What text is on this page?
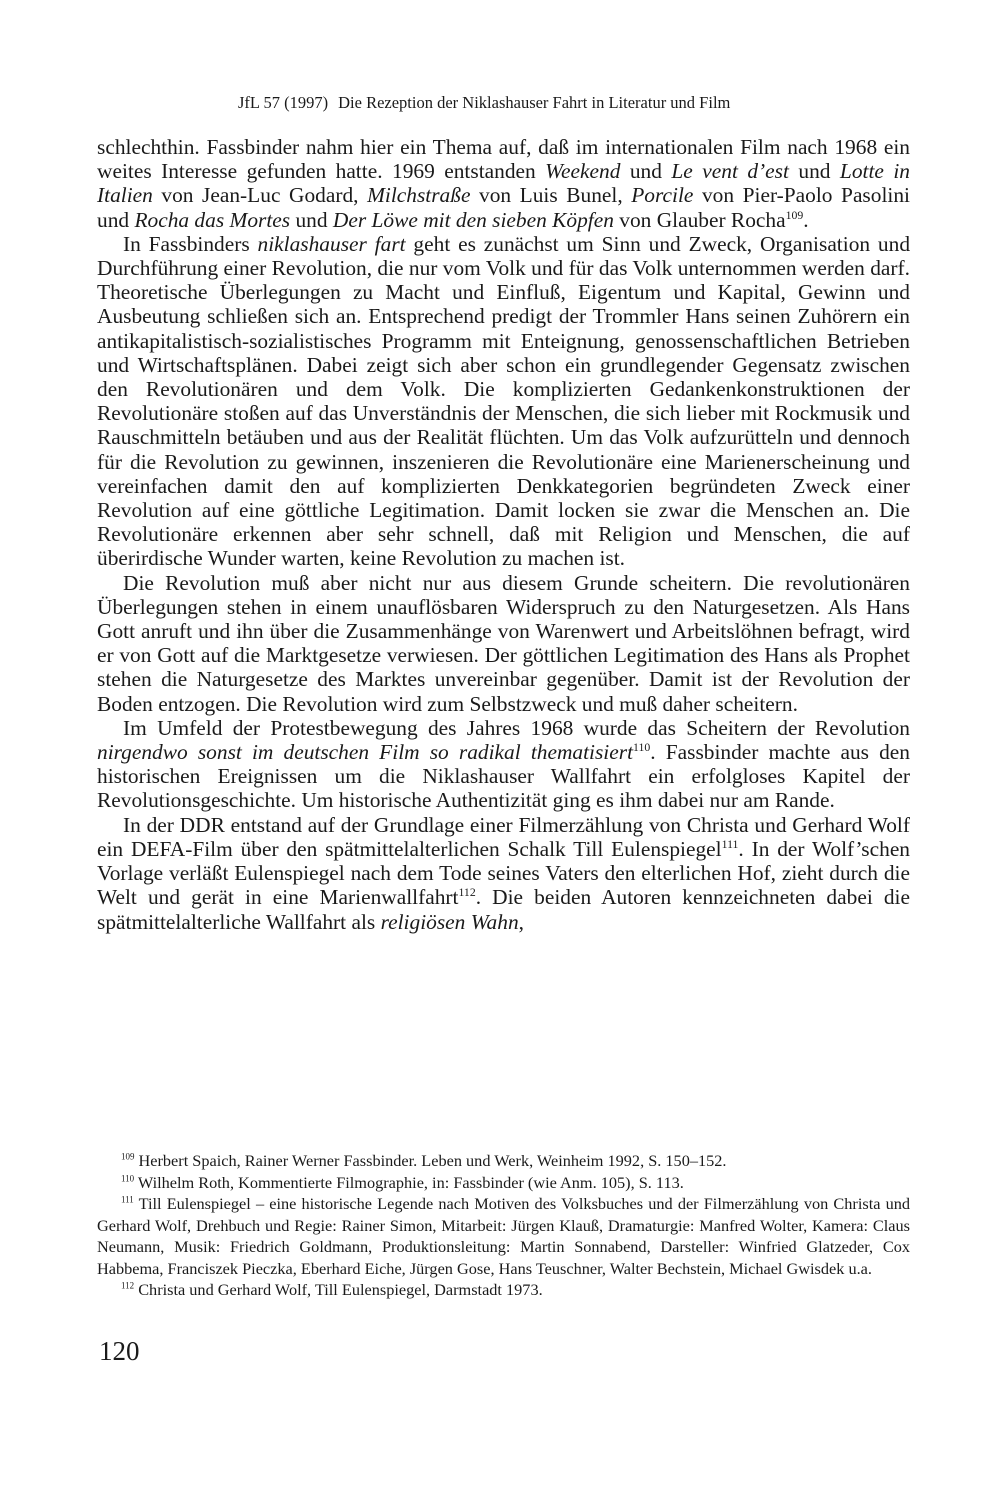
JfL 57 (1997) Die Rezeption der Niklashauser Fahrt in Literatur und Film

schlechthin. Fassbinder nahm hier ein Thema auf, daß im internationalen Film nach 1968 ein weites Interesse gefunden hatte. 1969 entstanden Weekend und Le vent d’est und Lotte in Italien von Jean-Luc Godard, Milchstraße von Luis Bunel, Porcile von Pier-Paolo Pasolini und Rocha das Mortes und Der Löwe mit den sieben Köpfen von Glauber Rocha$^{109}$.

In Fassbinders niklashauser fart geht es zunächst um Sinn und Zweck, Organisation und Durchführung einer Revolution, die nur vom Volk und für das Volk unternommen werden darf. Theoretische Überlegungen zu Macht und Einfluß, Eigentum und Kapital, Gewinn und Ausbeutung schließen sich an. Entsprechend predigt der Trommler Hans seinen Zuhörern ein antikapitalistisch-sozialistisches Programm mit Enteignung, genossenschaftlichen Betrieben und Wirtschaftsplänen. Dabei zeigt sich aber schon ein grundlegender Gegensatz zwischen den Revolutionären und dem Volk. Die komplizierten Gedankenkonstruktionen der Revolutionäre stoßen auf das Unverständnis der Menschen, die sich lieber mit Rockmusik und Rauschmitteln betäuben und aus der Realität flüchten. Um das Volk aufzurütteln und dennoch für die Revolution zu gewinnen, inszenieren die Revolutionäre eine Marienerscheinung und vereinfachen damit den auf komplizierten Denkkategorien begründeten Zweck einer Revolution auf eine göttliche Legitimation. Damit locken sie zwar die Menschen an. Die Revolutionäre erkennen aber sehr schnell, daß mit Religion und Menschen, die auf überirdische Wunder warten, keine Revolution zu machen ist.

Die Revolution muß aber nicht nur aus diesem Grunde scheitern. Die revolutionären Überlegungen stehen in einem unauflösbaren Widerspruch zu den Naturgesetzen. Als Hans Gott anruft und ihn über die Zusammenhänge von Warenwert und Arbeitslöhnen befragt, wird er von Gott auf die Marktgesetze verwiesen. Der göttlichen Legitimation des Hans als Prophet stehen die Naturgesetze des Marktes unvereinbar gegenüber. Damit ist der Revolution der Boden entzogen. Die Revolution wird zum Selbstzweck und muß daher scheitern.

Im Umfeld der Protestbewegung des Jahres 1968 wurde das Scheitern der Revolution nirgendwo sonst im deutschen Film so radikal thematisiert$^{110}$. Fassbinder machte aus den historischen Ereignissen um die Niklashauser Wallfahrt ein erfolgloses Kapitel der Revolutionsgeschichte. Um historische Authentizität ging es ihm dabei nur am Rande.

In der DDR entstand auf der Grundlage einer Filmerzählung von Christa und Gerhard Wolf ein DEFA-Film über den spätmittelalterlichen Schalk Till Eulenspiegel$^{111}$. In der Wolf’schen Vorlage verläßt Eulenspiegel nach dem Tode seines Vaters den elterlichen Hof, zieht durch die Welt und gerät in eine Marienwallfahrt$^{112}$. Die beiden Autoren kennzeichneten dabei die spätmittelalterliche Wallfahrt als religiösen Wahn,

$^{109}$ Herbert Spaich, Rainer Werner Fassbinder. Leben und Werk, Weinheim 1992, S. 150–152.

$^{110}$ Wilhelm Roth, Kommentierte Filmographie, in: Fassbinder (wie Anm. 105), S. 113.

$^{111}$ Till Eulenspiegel – eine historische Legende nach Motiven des Volksbuches und der Filmerzählung von Christa und Gerhard Wolf, Drehbuch und Regie: Rainer Simon, Mitarbeit: Jürgen Klauß, Dramaturgie: Manfred Wolter, Kamera: Claus Neumann, Musik: Friedrich Goldmann, Produktionsleitung: Martin Sonnabend, Darsteller: Winfried Glatzeder, Cox Habbema, Franciszek Pieczka, Eberhard Eiche, Jürgen Gose, Hans Teuschner, Walter Bechstein, Michael Gwisdek u.a.

$^{112}$ Christa und Gerhard Wolf, Till Eulenspiegel, Darmstadt 1973.

120
